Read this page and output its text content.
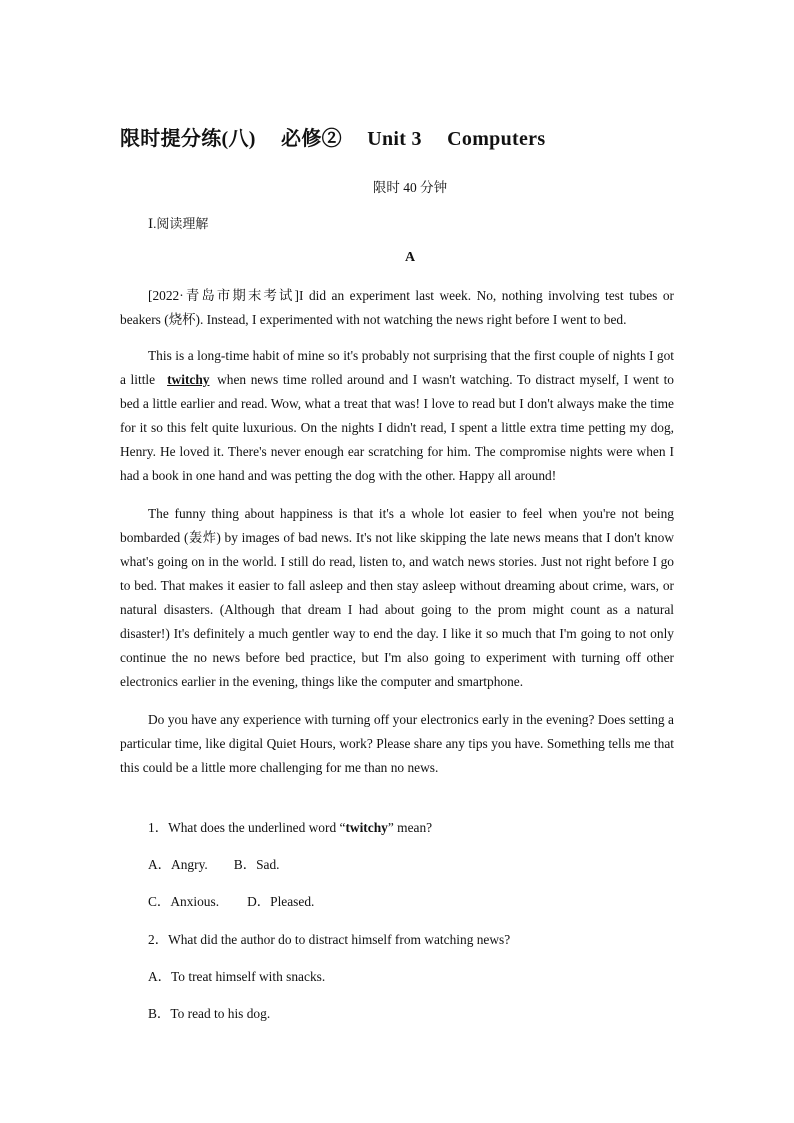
限时提分练(八) 必修② Unit 3 Computers
限时 40 分钟
Ⅰ.阅读理解
A

[2022·青岛市期末考试]I did an experiment last week. No, nothing involving test tubes or beakers (烧杯). Instead, I experimented with not watching the news right before I went to bed.

This is a long-time habit of mine so it's probably not surprising that the first couple of nights I got a little twitchy when news time rolled around and I wasn't watching. To distract myself, I went to bed a little earlier and read. Wow, what a treat that was! I love to read but I don't always make the time for it so this felt quite luxurious. On the nights I didn't read, I spent a little extra time petting my dog, Henry. He loved it. There's never enough ear scratching for him. The compromise nights were when I had a book in one hand and was petting the dog with the other. Happy all around!

The funny thing about happiness is that it's a whole lot easier to feel when you're not being bombarded (轰炸) by images of bad news. It's not like skipping the late news means that I don't know what's going on in the world. I still do read, listen to, and watch news stories. Just not right before I go to bed. That makes it easier to fall asleep and then stay asleep without dreaming about crime, wars, or natural disasters. (Although that dream I had about going to the prom might count as a natural disaster!) It's definitely a much gentler way to end the day. I like it so much that I'm going to not only continue the no news before bed practice, but I'm also going to experiment with turning off other electronics earlier in the evening, things like the computer and smartphone.

Do you have any experience with turning off your electronics early in the evening? Does setting a particular time, like digital Quiet Hours, work? Please share any tips you have. Something tells me that this could be a little more challenging for me than no news.

1．What does the underlined word “twitchy” mean?
A．Angry. B．Sad.
C．Anxious. D．Pleased.
2．What did the author do to distract himself from watching news?
A．To treat himself with snacks.
B．To read to his dog.
